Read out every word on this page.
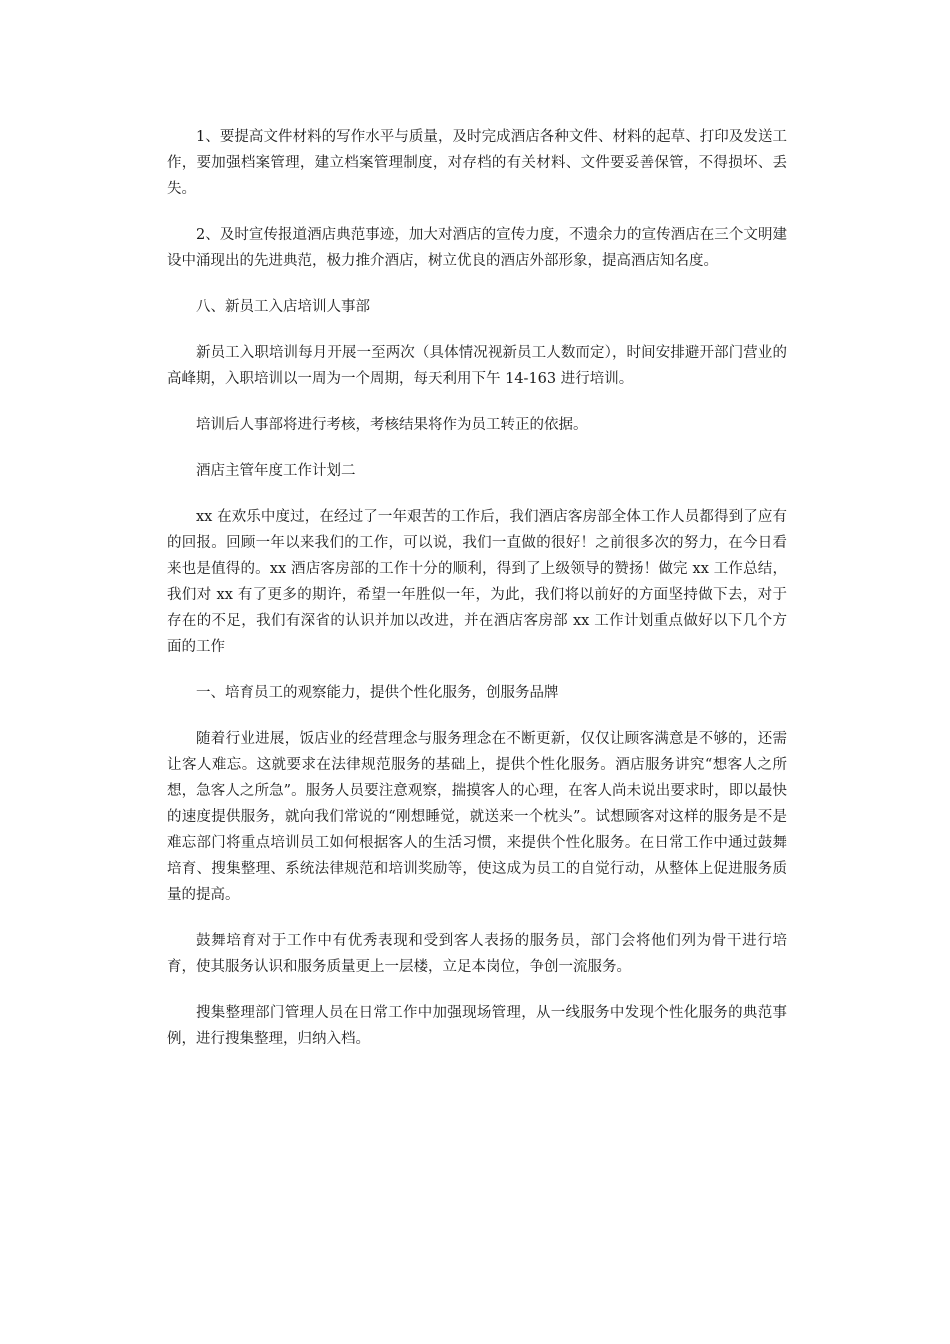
1、要提高文件材料的写作水平与质量，及时完成酒店各种文件、材料的起草、打印及发送工作，要加强档案管理，建立档案管理制度，对存档的有关材料、文件要妥善保管，不得损坏、丢失。

2、及时宣传报道酒店典范事迹，加大对酒店的宣传力度，不遗余力的宣传酒店在三个文明建设中涌现出的先进典范，极力推介酒店，树立优良的酒店外部形象，提高酒店知名度。

八、新员工入店培训人事部

新员工入职培训每月开展一至两次（具体情况视新员工人数而定），时间安排避开部门营业的高峰期，入职培训以一周为一个周期，每天利用下午 14-163 进行培训。

培训后人事部将进行考核，考核结果将作为员工转正的依据。

酒店主管年度工作计划二

xx 在欢乐中度过，在经过了一年艰苦的工作后，我们酒店客房部全体工作人员都得到了应有的回报。回顾一年以来我们的工作，可以说，我们一直做的很好！之前很多次的努力，在今日看来也是值得的。xx 酒店客房部的工作十分的顺利，得到了上级领导的赞扬！做完 xx 工作总结，我们对 xx 有了更多的期许，希望一年胜似一年，为此，我们将以前好的方面坚持做下去，对于存在的不足，我们有深省的认识并加以改进，并在酒店客房部 xx 工作计划重点做好以下几个方面的工作

一、培育员工的观察能力，提供个性化服务，创服务品牌

随着行业进展，饭店业的经营理念与服务理念在不断更新，仅仅让顾客满意是不够的，还需让客人难忘。这就要求在法律规范服务的基础上，提供个性化服务。酒店服务讲究“想客人之所想，急客人之所急”。服务人员要注意观察，揣摸客人的心理，在客人尚未说出要求时，即以最快的速度提供服务，就向我们常说的“刚想睡觉，就送来一个枕头”。试想顾客对这样的服务是不是难忘部门将重点培训员工如何根据客人的生活习惯，来提供个性化服务。在日常工作中通过鼓舞培育、搜集整理、系统法律规范和培训奖励等，使这成为员工的自觉行动，从整体上促进服务质量的提高。

鼓舞培育对于工作中有优秀表现和受到客人表扬的服务员，部门会将他们列为骨干进行培育，使其服务认识和服务质量更上一层楼，立足本岗位，争创一流服务。

搜集整理部门管理人员在日常工作中加强现场管理，从一线服务中发现个性化服务的典范事例，进行搜集整理，归纳入档。
